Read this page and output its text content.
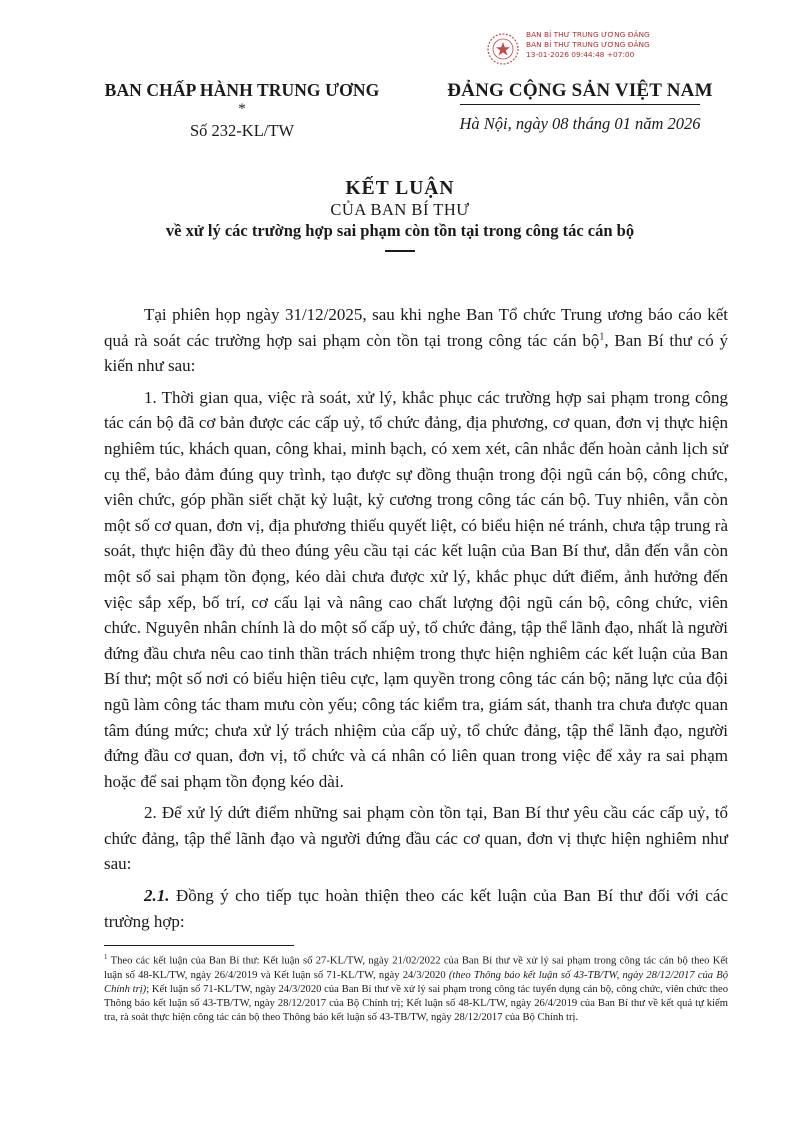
BAN BÍ THƯ TRUNG ƯƠNG ĐẢNG
BAN BÍ THƯ TRUNG ƯƠNG ĐẢNG
13-01-2026 09:44:48 +07:00
BAN CHẤP HÀNH TRUNG ƯƠNG
*
Số 232-KL/TW
ĐẢNG CỘNG SẢN VIỆT NAM
Hà Nội, ngày 08 tháng 01 năm 2026
KẾT LUẬN
CỦA BAN BÍ THƯ
về xử lý các trường hợp sai phạm còn tồn tại trong công tác cán bộ

Tại phiên họp ngày 31/12/2025, sau khi nghe Ban Tổ chức Trung ương báo cáo kết quả rà soát các trường hợp sai phạm còn tồn tại trong công tác cán bộ$^1$, Ban Bí thư có ý kiến như sau:

1. Thời gian qua, việc rà soát, xử lý, khắc phục các trường hợp sai phạm trong công tác cán bộ đã cơ bản được các cấp uỷ, tổ chức đảng, địa phương, cơ quan, đơn vị thực hiện nghiêm túc, khách quan, công khai, minh bạch, có xem xét, cân nhắc đến hoàn cảnh lịch sử cụ thể, bảo đảm đúng quy trình, tạo được sự đồng thuận trong đội ngũ cán bộ, công chức, viên chức, góp phần siết chặt kỷ luật, kỷ cương trong công tác cán bộ. Tuy nhiên, vẫn còn một số cơ quan, đơn vị, địa phương thiếu quyết liệt, có biểu hiện né tránh, chưa tập trung rà soát, thực hiện đầy đủ theo đúng yêu cầu tại các kết luận của Ban Bí thư, dẫn đến vẫn còn một số sai phạm tồn đọng, kéo dài chưa được xử lý, khắc phục dứt điểm, ảnh hưởng đến việc sắp xếp, bố trí, cơ cấu lại và nâng cao chất lượng đội ngũ cán bộ, công chức, viên chức. Nguyên nhân chính là do một số cấp uỷ, tổ chức đảng, tập thể lãnh đạo, nhất là người đứng đầu chưa nêu cao tinh thần trách nhiệm trong thực hiện nghiêm các kết luận của Ban Bí thư; một số nơi có biểu hiện tiêu cực, lạm quyền trong công tác cán bộ; năng lực của đội ngũ làm công tác tham mưu còn yếu; công tác kiểm tra, giám sát, thanh tra chưa được quan tâm đúng mức; chưa xử lý trách nhiệm của cấp uỷ, tổ chức đảng, tập thể lãnh đạo, người đứng đầu cơ quan, đơn vị, tổ chức và cá nhân có liên quan trong việc để xảy ra sai phạm hoặc để sai phạm tồn đọng kéo dài.

2. Để xử lý dứt điểm những sai phạm còn tồn tại, Ban Bí thư yêu cầu các cấp uỷ, tổ chức đảng, tập thể lãnh đạo và người đứng đầu các cơ quan, đơn vị thực hiện nghiêm như sau:

2.1. Đồng ý cho tiếp tục hoàn thiện theo các kết luận của Ban Bí thư đối với các trường hợp:

$^1$ Theo các kết luận của Ban Bí thư: Kết luận số 27-KL/TW, ngày 21/02/2022 của Ban Bí thư về xử lý sai phạm trong công tác cán bộ theo Kết luận số 48-KL/TW, ngày 26/4/2019 và Kết luận số 71-KL/TW, ngày 24/3/2020 (theo Thông báo kết luận số 43-TB/TW, ngày 28/12/2017 của Bộ Chính trị); Kết luận số 71-KL/TW, ngày 24/3/2020 của Ban Bí thư về xử lý sai phạm trong công tác tuyển dụng cán bộ, công chức, viên chức theo Thông báo kết luận số 43-TB/TW, ngày 28/12/2017 của Bộ Chính trị; Kết luận số 48-KL/TW, ngày 26/4/2019 của Ban Bí thư về kết quả tự kiểm tra, rà soát thực hiện công tác cán bộ theo Thông báo kết luận số 43-TB/TW, ngày 28/12/2017 của Bộ Chính trị.
